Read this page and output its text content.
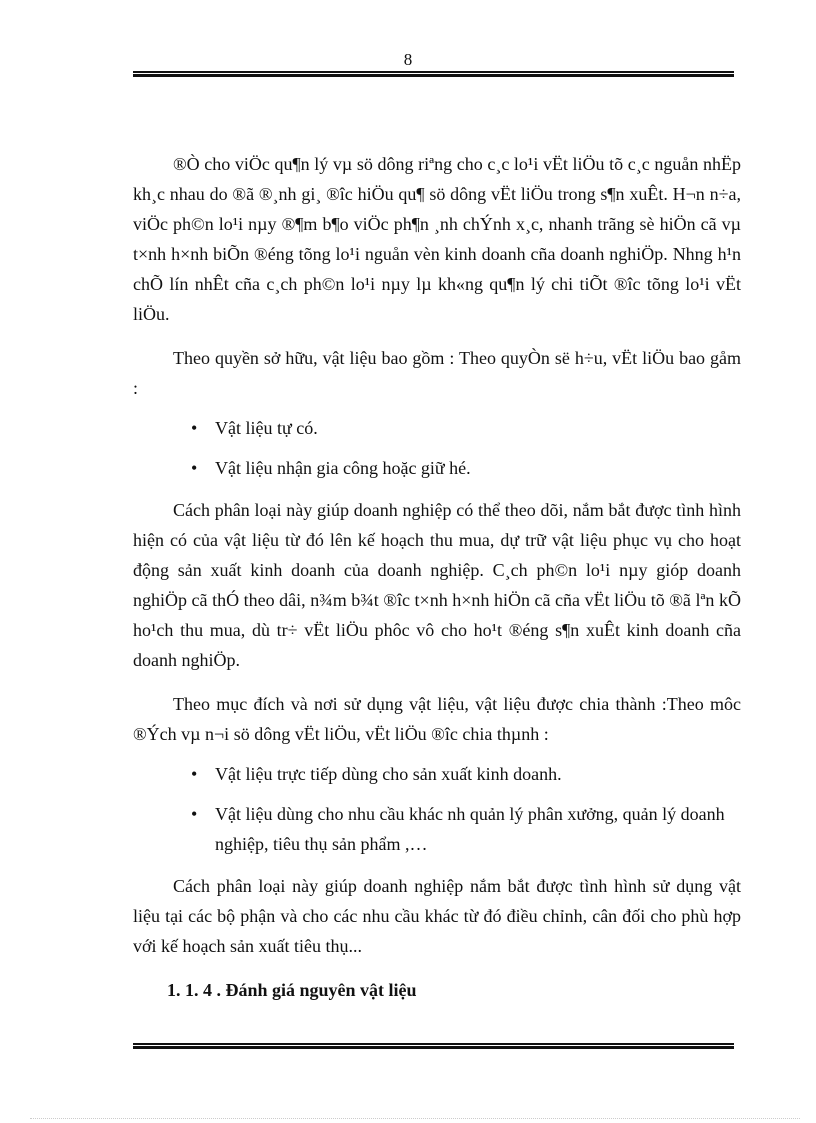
8

®Ò cho viÖc qu¶n lý vµ sö dông riªng cho c¸c lo¹i vËt liÖu tõ c¸c nguån nhËp kh¸c nhau do ®ã ®¸nh gi¸ ®îc hiÖu qu¶ sö dông vËt liÖu trong s¶n xuÊt. H¬n n÷a, viÖc ph©n lo¹i nµy ®¶m b¶o viÖc ph¶n ¸nh chÝnh x¸c, nhanh trãng sè hiÖn cã vµ t×nh h×nh biÕn ®éng tõng lo¹i nguån vèn kinh doanh cña doanh nghiÖp. Nhng h¹n chÕ lín nhÊt cña c¸ch ph©n lo¹i nµy lµ kh«ng qu¶n lý chi tiÕt ®îc tõng lo¹i vËt liÖu.

Theo quyền sở hữu, vật liệu bao gồm : Theo quyÒn së h÷u, vËt liÖu bao gåm :

• Vật liệu tự có.
• Vật liệu nhận gia công hoặc giữ hé.

Cách phân loại này giúp doanh nghiệp có thể theo dõi, nắm bắt được tình hình hiện có của vật liệu từ đó lên kế hoạch thu mua, dự trữ vật liệu phục vụ cho hoạt động sản xuất kinh doanh của doanh nghiệp. C¸ch ph©n lo¹i nµy gióp doanh nghiÖp cã thÓ theo dâi, n¾m b¾t ®îc t×nh h×nh hiÖn cã cña vËt liÖu tõ ®ã lªn kÕ ho¹ch thu mua, dù tr÷ vËt liÖu phôc vô cho ho¹t ®éng s¶n xuÊt kinh doanh cña doanh nghiÖp.

Theo mục đích và nơi sử dụng vật liệu, vật liệu được chia thành :Theo môc ®Ých vµ n¬i sö dông vËt liÖu, vËt liÖu ®îc chia thµnh :

• Vật liệu trực tiếp dùng cho sản xuất kinh doanh.
• Vật liệu dùng cho nhu cầu khác nh quản lý phân xưởng, quản lý doanh nghiệp, tiêu thụ sản phẩm ,…

Cách phân loại này giúp doanh nghiệp nắm bắt được tình hình sử dụng vật liệu tại các bộ phận và cho các nhu cầu khác từ đó điều chỉnh, cân đối cho phù hợp với kế hoạch sản xuất tiêu thụ...

1. 1. 4 . Đánh giá nguyên vật liệu
